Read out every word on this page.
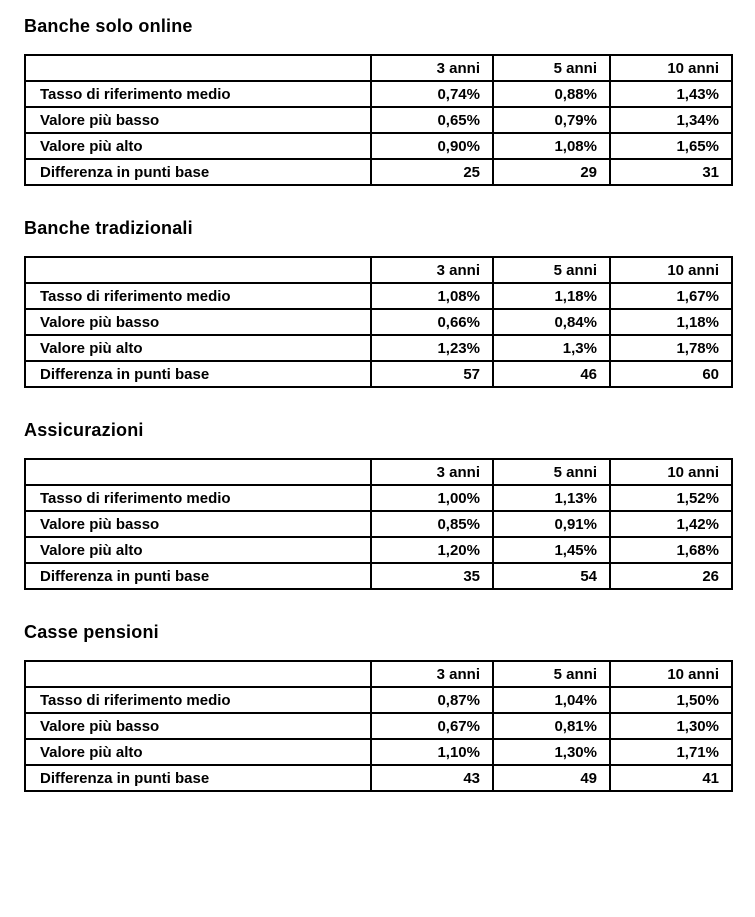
Banche solo online
	3 anni	5 anni	10 anni
Tasso di riferimento medio	0,74%	0,88%	1,43%
Valore più basso	0,65%	0,79%	1,34%
Valore più alto	0,90%	1,08%	1,65%
Differenza in punti base	25	29	31
Banche tradizionali
	3 anni	5 anni	10 anni
Tasso di riferimento medio	1,08%	1,18%	1,67%
Valore più basso	0,66%	0,84%	1,18%
Valore più alto	1,23%	1,3%	1,78%
Differenza in punti base	57	46	60
Assicurazioni
	3 anni	5 anni	10 anni
Tasso di riferimento medio	1,00%	1,13%	1,52%
Valore più basso	0,85%	0,91%	1,42%
Valore più alto	1,20%	1,45%	1,68%
Differenza in punti base	35	54	26
Casse pensioni
	3 anni	5 anni	10 anni
Tasso di riferimento medio	0,87%	1,04%	1,50%
Valore più basso	0,67%	0,81%	1,30%
Valore più alto	1,10%	1,30%	1,71%
Differenza in punti base	43	49	41
